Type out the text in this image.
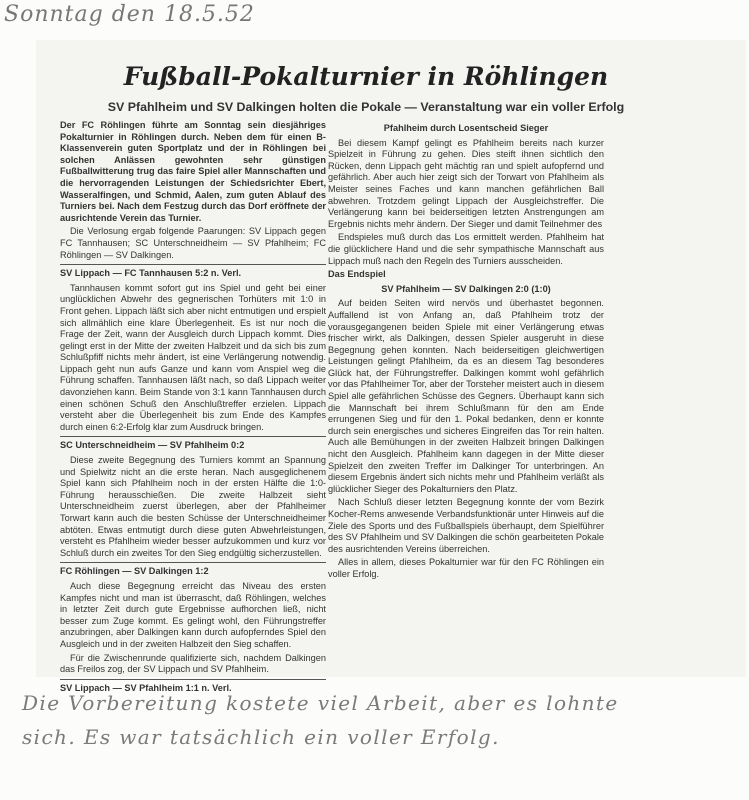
Sonntag den 18.5.52
Fußball-Pokalturnier in Röhlingen
SV Pfahlheim und SV Dalkingen holten die Pokale — Veranstaltung war ein voller Erfolg

Der FC Röhlingen führte am Sonntag sein diesjähriges Pokalturnier in Röhlingen durch. Neben dem für einen B-Klassenverein guten Sportplatz und der in Röhlingen bei solchen Anlässen gewohnten sehr günstigen Fußballwitterung trug das faire Spiel aller Mannschaften und die hervorragenden Leistungen der Schiedsrichter Ebert, Wasseralfingen, und Schmid, Aalen, zum guten Ablauf des Turniers bei. Nach dem Festzug durch das Dorf eröffnete der ausrichtende Verein das Turnier.

Die Verlosung ergab folgende Paarungen: SV Lippach gegen FC Tannhausen; SC Unterschneidheim — SV Pfahlheim; FC Röhlingen — SV Dalkingen.

SV Lippach — FC Tannhausen 5:2 n. Verl.

Tannhausen kommt sofort gut ins Spiel und geht bei einer unglücklichen Abwehr des gegnerischen Torhüters mit 1:0 in Front gehen. Lippach läßt sich aber nicht entmutigen und erspielt sich allmählich eine klare Überlegenheit. Es ist nur noch die Frage der Zeit, wann der Ausgleich durch Lippach kommt. Dies gelingt erst in der Mitte der zweiten Halbzeit und da sich bis zum Schlußpfiff nichts mehr ändert, ist eine Verlängerung notwendig. Lippach geht nun aufs Ganze und kann vom Anspiel weg die Führung schaffen. Tannhausen läßt nach, so daß Lippach weiter davonziehen kann. Beim Stande von 3:1 kann Tannhausen durch einen schönen Schuß den Anschlußtreffer erzielen. Lippach versteht aber die Überlegenheit bis zum Ende des Kampfes durch einen 6:2-Erfolg klar zum Ausdruck bringen.

SC Unterschneidheim — SV Pfahlheim 0:2

Diese zweite Begegnung des Turniers kommt an Spannung und Spielwitz nicht an die erste heran. Nach ausgeglichenem Spiel kann sich Pfahlheim noch in der ersten Hälfte die 1:0-Führung herausschießen. Die zweite Halbzeit sieht Unterschneidheim zuerst überlegen, aber der Pfahlheimer Torwart kann auch die besten Schüsse der Unterschneidheimer abtöten. Etwas entmutigt durch diese guten Abwehrleistungen, versteht es Pfahlheim wieder besser aufzukommen und kurz vor Schluß durch ein zweites Tor den Sieg endgültig sicherzustellen.

FC Röhlingen — SV Dalkingen 1:2

Auch diese Begegnung erreicht das Niveau des ersten Kampfes nicht und man ist überrascht, daß Röhlingen, welches in letzter Zeit durch gute Ergebnisse aufhorchen ließ, nicht besser zum Zuge kommt. Es gelingt wohl, den Führungstreffer anzubringen, aber Dalkingen kann durch aufopferndes Spiel den Ausgleich und in der zweiten Halbzeit den Sieg schaffen.

Für die Zwischenrunde qualifizierte sich, nachdem Dalkingen das Freilos zog, der SV Lippach und SV Pfahlheim.

SV Lippach — SV Pfahlheim 1:1 n. Verl.
Pfahlheim durch Losentscheid Sieger

Bei diesem Kampf gelingt es Pfahlheim bereits nach kurzer Spielzeit in Führung zu gehen. Dies steift ihnen sichtlich den Rücken, denn Lippach geht mächtig ran und spielt aufopfernd und gefährlich. Aber auch hier zeigt sich der Torwart von Pfahlheim als Meister seines Faches und kann manchen gefährlichen Ball abwehren. Trotzdem gelingt Lippach der Ausgleichstreffer. Die Verlängerung kann bei beiderseitigen letzten Anstrengungen am Ergebnis nichts mehr ändern. Der Sieger und damit Teilnehmer des

Endspieles muß durch das Los ermittelt werden. Pfahlheim hat die glücklichere Hand und die sehr sympathische Mannschaft aus Lippach muß nach den Regeln des Turniers ausscheiden.

Das Endspiel
SV Pfahlheim — SV Dalkingen 2:0 (1:0)

Auf beiden Seiten wird nervös und überhastet begonnen. Auffallend ist von Anfang an, daß Pfahlheim trotz der vorausgegangenen beiden Spiele mit einer Verlängerung etwas frischer wirkt, als Dalkingen, dessen Spieler ausgeruht in diese Begegnung gehen konnten. Nach beiderseitigen gleichwertigen Leistungen gelingt Pfahlheim, da es an diesem Tag besonderes Glück hat, der Führungstreffer. Dalkingen kommt wohl gefährlich vor das Pfahlheimer Tor, aber der Torsteher meistert auch in diesem Spiel alle gefährlichen Schüsse des Gegners. Überhaupt kann sich die Mannschaft bei ihrem Schlußmann für den am Ende errungenen Sieg und für den 1. Pokal bedanken, denn er konnte durch sein energisches und sicheres Eingreifen das Tor rein halten. Auch alle Bemühungen in der zweiten Halbzeit bringen Dalkingen nicht den Ausgleich. Pfahlheim kann dagegen in der Mitte dieser Spielzeit den zweiten Treffer im Dalkinger Tor unterbringen. An diesem Ergebnis ändert sich nichts mehr und Pfahlheim verläßt als glücklicher Sieger des Pokalturniers den Platz.

Nach Schluß dieser letzten Begegnung konnte der vom Bezirk Kocher-Rems anwesende Verbandsfunktionär unter Hinweis auf die Ziele des Sports und des Fußballspiels überhaupt, dem Spielführer des SV Pfahlheim und SV Dalkingen die schön gearbeiteten Pokale des ausrichtenden Vereins überreichen.

Alles in allem, dieses Pokalturnier war für den FC Röhlingen ein voller Erfolg.

Die Vorbereitung kostete viel Arbeit, aber es lohnte
sich. Es war tatsächlich ein voller Erfolg.
